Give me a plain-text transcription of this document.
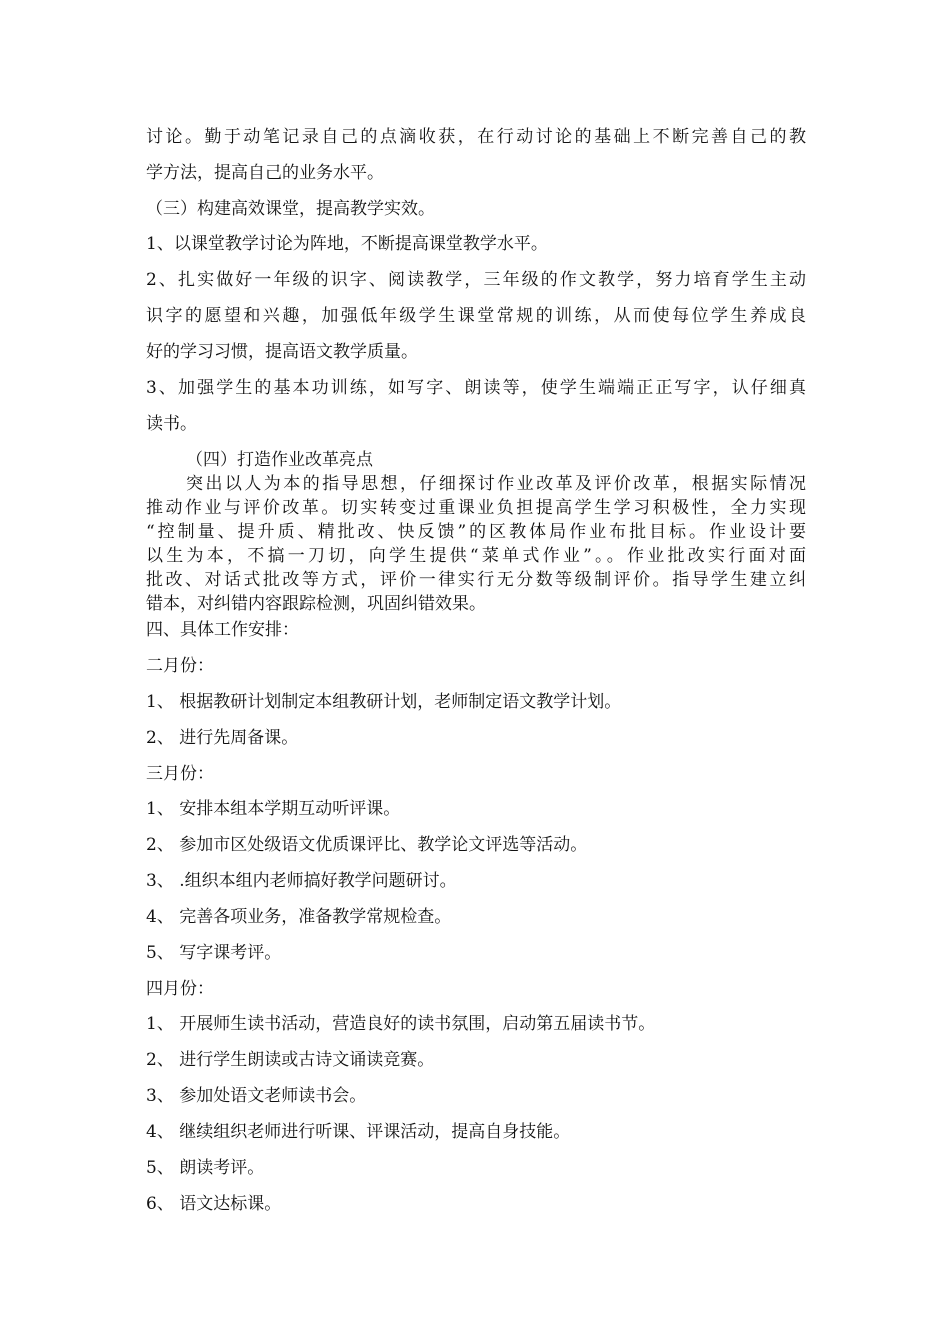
讨论。勤于动笔记录自己的点滴收获，在行动讨论的基础上不断完善自己的教
学方法，提高自己的业务水平。
（三）构建高效课堂，提高教学实效。
1、以课堂教学讨论为阵地，不断提高课堂教学水平。
2、扎实做好一年级的识字、阅读教学，三年级的作文教学，努力培育学生主动
识字的愿望和兴趣，加强低年级学生课堂常规的训练，从而使每位学生养成良
好的学习习惯，提高语文教学质量。
3、加强学生的基本功训练，如写字、朗读等，使学生端端正正写字，认仔细真
读书。
（四）打造作业改革亮点
突出以人为本的指导思想，仔细探讨作业改革及评价改革，根据实际情况
推动作业与评价改革。切实转变过重课业负担提高学生学习积极性，全力实现
“控制量、提升质、精批改、快反馈”的区教体局作业布批目标。作业设计要
以生为本，不搞一刀切，向学生提供“菜单式作业”。。作业批改实行面对面
批改、对话式批改等方式，评价一律实行无分数等级制评价。指导学生建立纠
错本，对纠错内容跟踪检测，巩固纠错效果。
四、具体工作安排：
二月份：
1、 根据教研计划制定本组教研计划，老师制定语文教学计划。
2、 进行先周备课。
三月份：
1、 安排本组本学期互动听评课。
2、 参加市区处级语文优质课评比、教学论文评选等活动。
3、 .组织本组内老师搞好教学问题研讨。
4、 完善各项业务，准备教学常规检查。
5、 写字课考评。
四月份：
1、 开展师生读书活动，营造良好的读书氛围，启动第五届读书节。
2、 进行学生朗读或古诗文诵读竞赛。
3、 参加处语文老师读书会。
4、 继续组织老师进行听课、评课活动，提高自身技能。
5、 朗读考评。
6、 语文达标课。
